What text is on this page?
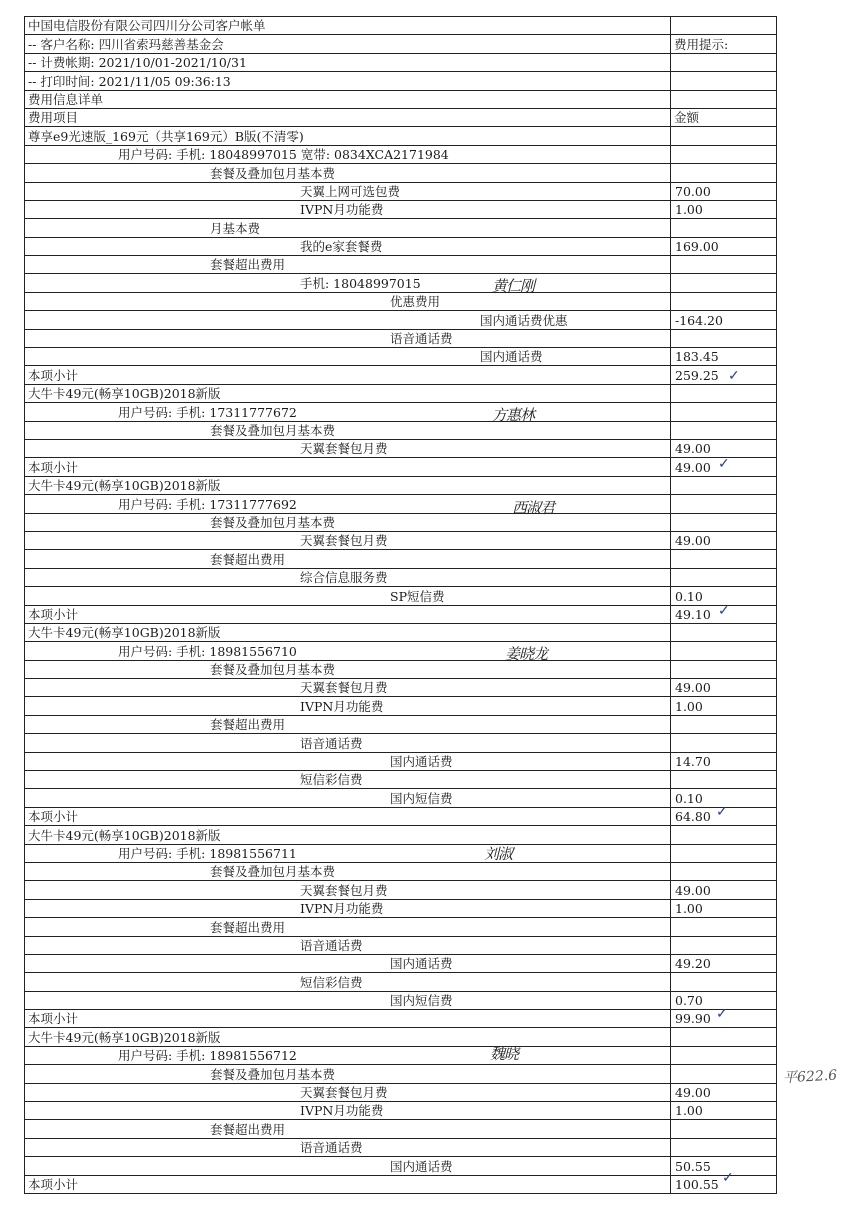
中国电信股份有限公司四川分公司客户帐单	
-- 客户名称: 四川省索玛慈善基金会	费用提示:
-- 计费帐期: 2021/10/01-2021/10/31	
-- 打印时间: 2021/11/05 09:36:13	
费用信息详单	
费用项目	金额
尊享e9光速版_169元（共享169元）B版(不清零)	
用户号码: 手机: 18048997015 宽带: 0834XCA2171984	
套餐及叠加包月基本费	
天翼上网可选包费	70.00
IVPN月功能费	1.00
月基本费	
我的e家套餐费	169.00
套餐超出费用	
手机: 18048997015	
优惠费用	
国内通话费优惠	-164.20
语音通话费	
国内通话费	183.45
本项小计	259.25
大牛卡49元(畅享10GB)2018新版	
用户号码: 手机: 17311777672	
套餐及叠加包月基本费	
天翼套餐包月费	49.00
本项小计	49.00
大牛卡49元(畅享10GB)2018新版	
用户号码: 手机: 17311777692	
套餐及叠加包月基本费	
天翼套餐包月费	49.00
套餐超出费用	
综合信息服务费	
SP短信费	0.10
本项小计	49.10
大牛卡49元(畅享10GB)2018新版	
用户号码: 手机: 18981556710	
套餐及叠加包月基本费	
天翼套餐包月费	49.00
IVPN月功能费	1.00
套餐超出费用	
语音通话费	
国内通话费	14.70
短信彩信费	
国内短信费	0.10
本项小计	64.80
大牛卡49元(畅享10GB)2018新版	
用户号码: 手机: 18981556711	
套餐及叠加包月基本费	
天翼套餐包月费	49.00
IVPN月功能费	1.00
套餐超出费用	
语音通话费	
国内通话费	49.20
短信彩信费	
国内短信费	0.70
本项小计	99.90
大牛卡49元(畅享10GB)2018新版	
用户号码: 手机: 18981556712	
套餐及叠加包月基本费	
天翼套餐包月费	49.00
IVPN月功能费	1.00
套餐超出费用	
语音通话费	
国内通话费	50.55
本项小计	100.55
黄仁刚
方惠林
西淑君
姜晓龙
刘淑
魏晓
✓
✓
✓
✓
✓
✓
平622.6
